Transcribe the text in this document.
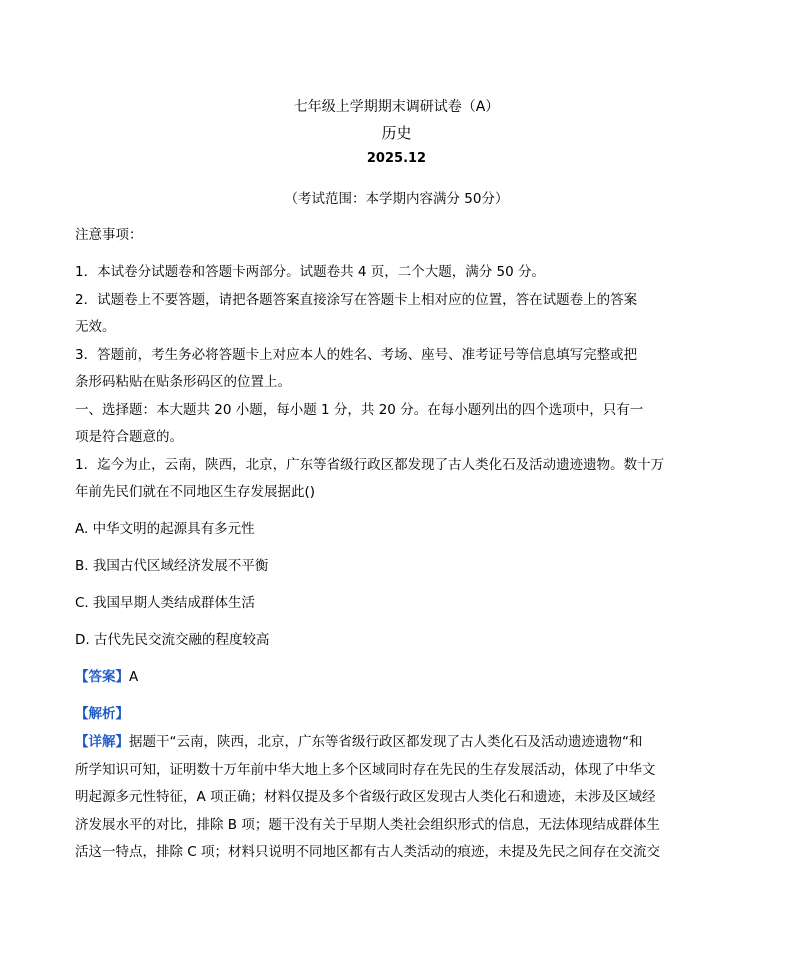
七年级上学期期末调研试卷（A）
历史
2025.12
（考试范围：本学期内容满分 50分）
注意事项：
1．本试卷分试题卷和答题卡两部分。试题卷共 4 页，二个大题，满分 50 分。
2．试题卷上不要答题，请把各题答案直接涂写在答题卡上相对应的位置，答在试题卷上的答案
无效。
3．答题前，考生务必将答题卡上对应本人的姓名、考场、座号、准考证号等信息填写完整或把
条形码粘贴在贴条形码区的位置上。
一、选择题：本大题共 20 小题，每小题 1 分，共 20 分。在每小题列出的四个选项中，只有一
项是符合题意的。
1．迄今为止，云南，陕西，北京，广东等省级行政区都发现了古人类化石及活动遗迹遗物。数十万
年前先民们就在不同地区生存发展据此()
A. 中华文明的起源具有多元性
B. 我国古代区域经济发展不平衡
C. 我国早期人类结成群体生活
D. 古代先民交流交融的程度较高
【答案】A
【解析】
【详解】据题干“云南，陕西，北京，广东等省级行政区都发现了古人类化石及活动遗迹遗物“和
所学知识可知，证明数十万年前中华大地上多个区域同时存在先民的生存发展活动，体现了中华文
明起源多元性特征，A 项正确；材料仅提及多个省级行政区发现古人类化石和遗迹，未涉及区域经
济发展水平的对比，排除 B 项；题干没有关于早期人类社会组织形式的信息，无法体现结成群体生
活这一特点，排除 C 项；材料只说明不同地区都有古人类活动的痕迹，未提及先民之间存在交流交
